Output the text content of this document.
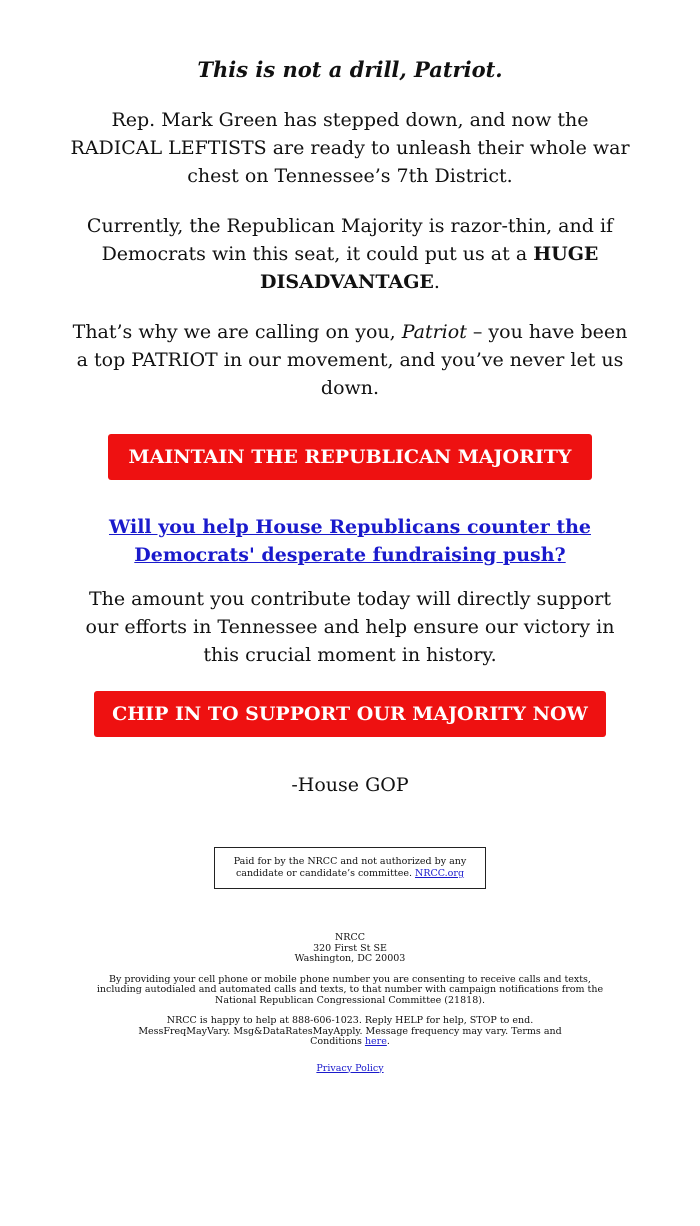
This is not a drill, Patriot.

Rep. Mark Green has stepped down, and now the RADICAL LEFTISTS are ready to unleash their whole war chest on Tennessee’s 7th District.

Currently, the Republican Majority is razor-thin, and if Democrats win this seat, it could put us at a HUGE DISADVANTAGE.

That’s why we are calling on you, Patriot – you have been a top PATRIOT in our movement, and you’ve never let us down.

MAINTAIN THE REPUBLICAN MAJORITY
Will you help House Republicans counter the Democrats' desperate fundraising push?

The amount you contribute today will directly support our efforts in Tennessee and help ensure our victory in this crucial moment in history.

CHIP IN TO SUPPORT OUR MAJORITY NOW
-House GOP
Paid for by the NRCC and not authorized by any candidate or candidate’s committee. NRCC.org
NRCC
320 First St SE
Washington, DC 20003
By providing your cell phone or mobile phone number you are consenting to receive calls and texts, including autodialed and automated calls and texts, to that number with campaign notifications from the National Republican Congressional Committee (21818).
NRCC is happy to help at 888-606-1023. Reply HELP for help, STOP to end. MessFreqMayVary. Msg&DataRatesMayApply. Message frequency may vary. Terms and Conditions here.
Privacy Policy
